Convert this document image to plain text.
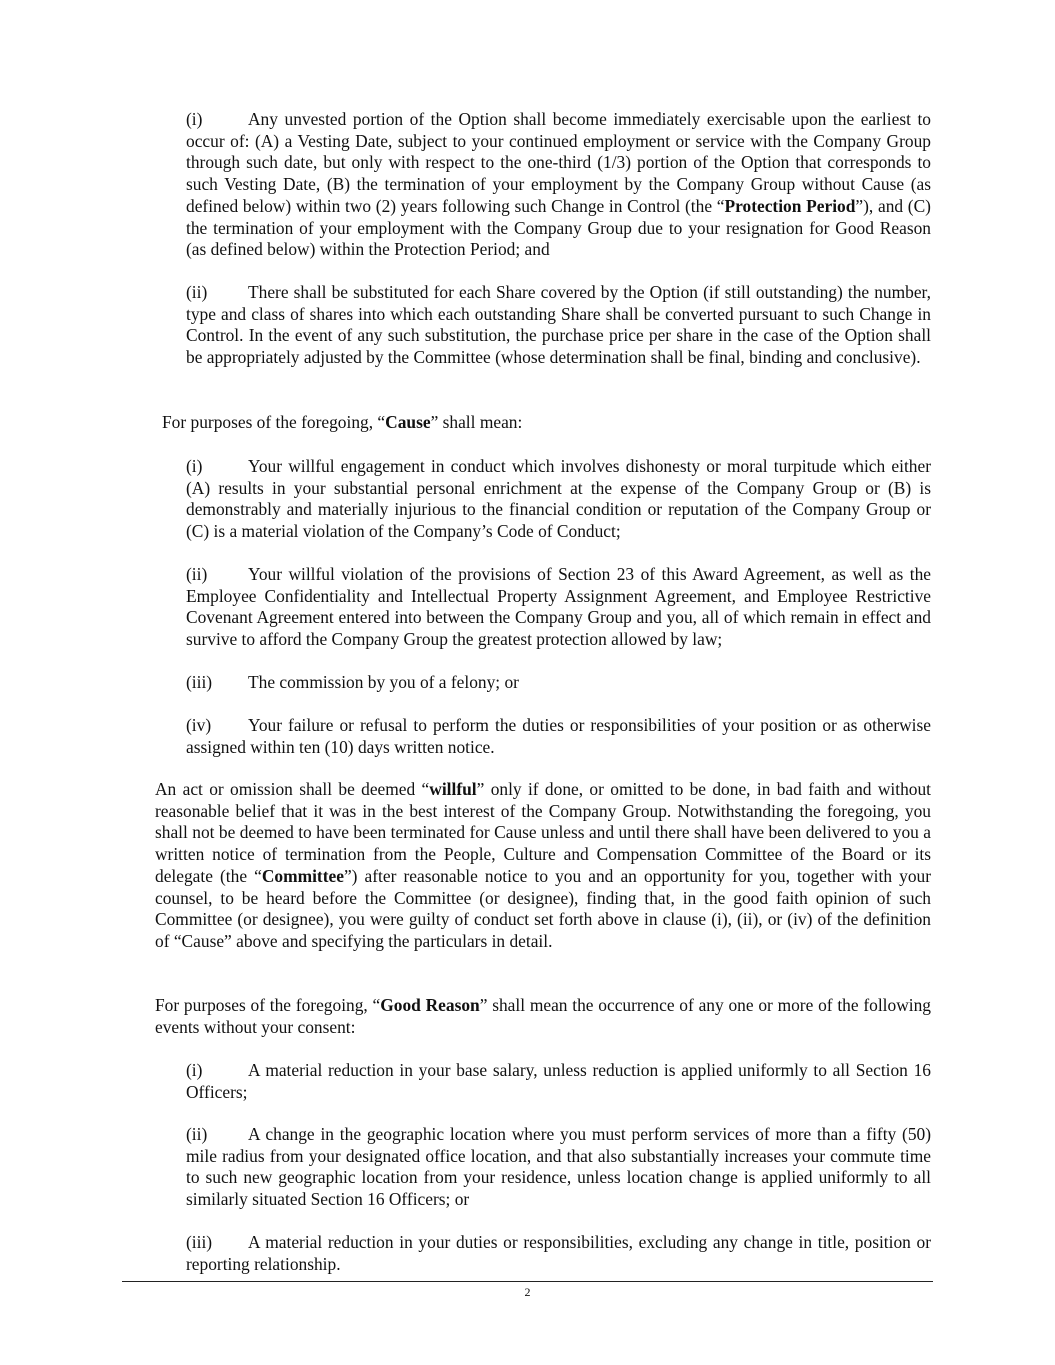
(i)	Any unvested portion of the Option shall become immediately exercisable upon the earliest to occur of: (A) a Vesting Date, subject to your continued employment or service with the Company Group through such date, but only with respect to the one-third (1/3) portion of the Option that corresponds to such Vesting Date, (B) the termination of your employment by the Company Group without Cause (as defined below) within two (2) years following such Change in Control (the “Protection Period”), and (C) the termination of your employment with the Company Group due to your resignation for Good Reason (as defined below) within the Protection Period; and

(ii) There shall be substituted for each Share covered by the Option (if still outstanding) the number, type and class of shares into which each outstanding Share shall be converted pursuant to such Change in Control. In the event of any such substitution, the purchase price per share in the case of the Option shall be appropriately adjusted by the Committee (whose determination shall be final, binding and conclusive).

For purposes of the foregoing, “Cause” shall mean:

(i)	Your willful engagement in conduct which involves dishonesty or moral turpitude which either (A) results in your substantial personal enrichment at the expense of the Company Group or (B) is demonstrably and materially injurious to the financial condition or reputation of the Company Group or (C) is a material violation of the Company’s Code of Conduct;

(ii) Your willful violation of the provisions of Section 23 of this Award Agreement, as well as the Employee Confidentiality and Intellectual Property Assignment Agreement, and Employee Restrictive Covenant Agreement entered into between the Company Group and you, all of which remain in effect and survive to afford the Company Group the greatest protection allowed by law;

(iii) The commission by you of a felony; or

(iv) Your failure or refusal to perform the duties or responsibilities of your position or as otherwise assigned within ten (10) days written notice.

An act or omission shall be deemed “willful” only if done, or omitted to be done, in bad faith and without reasonable belief that it was in the best interest of the Company Group. Notwithstanding the foregoing, you shall not be deemed to have been terminated for Cause unless and until there shall have been delivered to you a written notice of termination from the People, Culture and Compensation Committee of the Board or its delegate (the “Committee”) after reasonable notice to you and an opportunity for you, together with your counsel, to be heard before the Committee (or designee), finding that, in the good faith opinion of such Committee (or designee), you were guilty of conduct set forth above in clause (i), (ii), or (iv) of the definition of “Cause” above and specifying the particulars in detail.

For purposes of the foregoing, “Good Reason” shall mean the occurrence of any one or more of the following events without your consent:

(i)	A material reduction in your base salary, unless reduction is applied uniformly to all Section 16 Officers;

(ii) A change in the geographic location where you must perform services of more than a fifty (50) mile radius from your designated office location, and that also substantially increases your commute time to such new geographic location from your residence, unless location change is applied uniformly to all similarly situated Section 16 Officers; or

(iii) A material reduction in your duties or responsibilities, excluding any change in title, position or reporting relationship.

2
